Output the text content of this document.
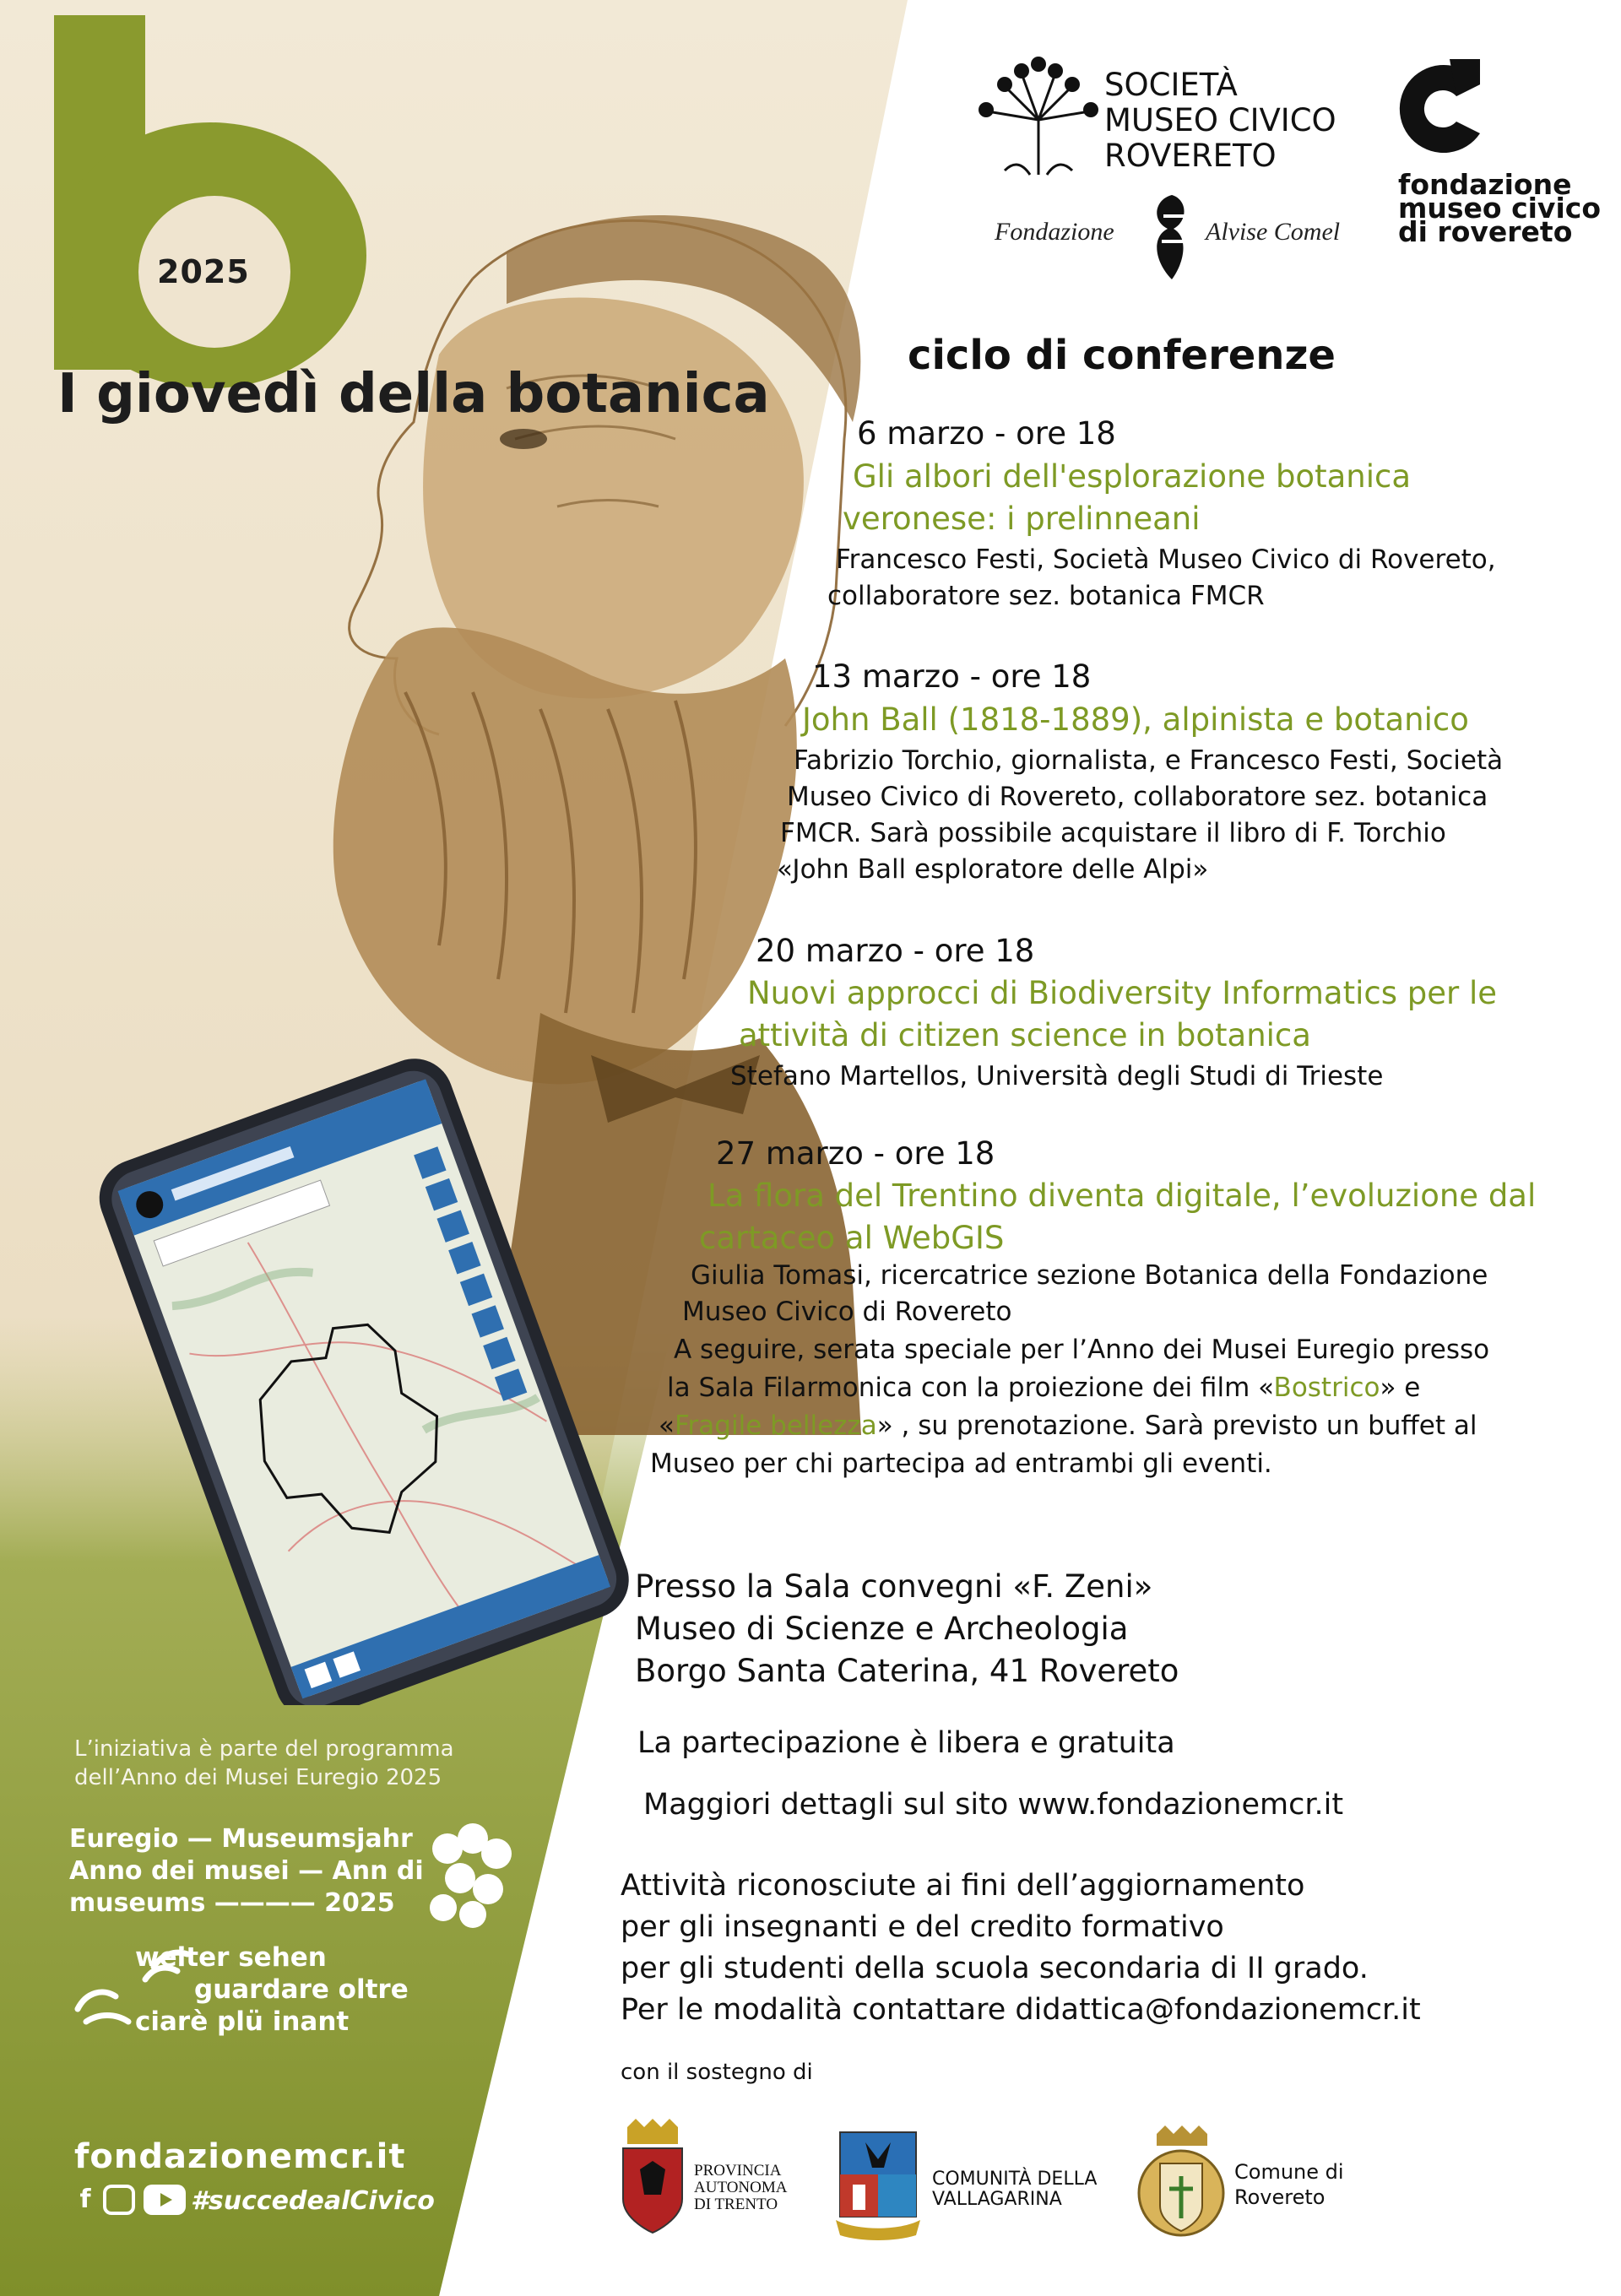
2025
I giovedì della botanica
SOCIETÀ
MUSEO CIVICO
ROVERETO
Fondazione	Alvise Comel
fondazione
museo civico
di rovereto
ciclo di conferenze
6 marzo - ore 18
Gli albori dell'esplorazione botanica
veronese: i prelinneani
Francesco Festi, Società Museo Civico di Rovereto,
collaboratore sez. botanica FMCR
13 marzo - ore 18
John Ball (1818-1889), alpinista e botanico
Fabrizio Torchio, giornalista, e Francesco Festi, Società
Museo Civico di Rovereto, collaboratore sez. botanica
FMCR. Sarà possibile acquistare il libro di F. Torchio
«John Ball esploratore delle Alpi»
20 marzo - ore 18
Nuovi approcci di Biodiversity Informatics per le
attività di citizen science in botanica
Stefano Martellos, Università degli Studi di Trieste
27 marzo - ore 18
La flora del Trentino diventa digitale, l’evoluzione dal
cartaceo al WebGIS
Giulia Tomasi, ricercatrice sezione Botanica della Fondazione
Museo Civico di Rovereto
A seguire, serata speciale per l’Anno dei Musei Euregio presso
la Sala Filarmonica con la proiezione dei film «Bostrico» e
«Fragile bellezza» , su prenotazione. Sarà previsto un buffet al
Museo per chi partecipa ad entrambi gli eventi.
Presso la Sala convegni «F. Zeni»
Museo di Scienze e Archeologia
Borgo Santa Caterina, 41 Rovereto
La partecipazione è libera e gratuita
Maggiori dettagli sul sito www.fondazionemcr.it
Attività riconosciute ai fini dell’aggiornamento
per gli insegnanti e del credito formativo
per gli studenti della scuola secondaria di II grado.
Per le modalità contattare didattica@fondazionemcr.it
con il sostegno di
PROVINCIA
AUTONOMA
DI TRENTO
COMUNITÀ DELLA
VALLAGARINA
Comune di
Rovereto
L’iniziativa è parte del programma
dell’Anno dei Musei Euregio 2025
Euregio — Museumsjahr
Anno dei musei — Ann di
museums ———— 2025
weiter sehen
guardare oltre
ciarè plü inant
fondazionemcr.it
f	#succedealCivico
